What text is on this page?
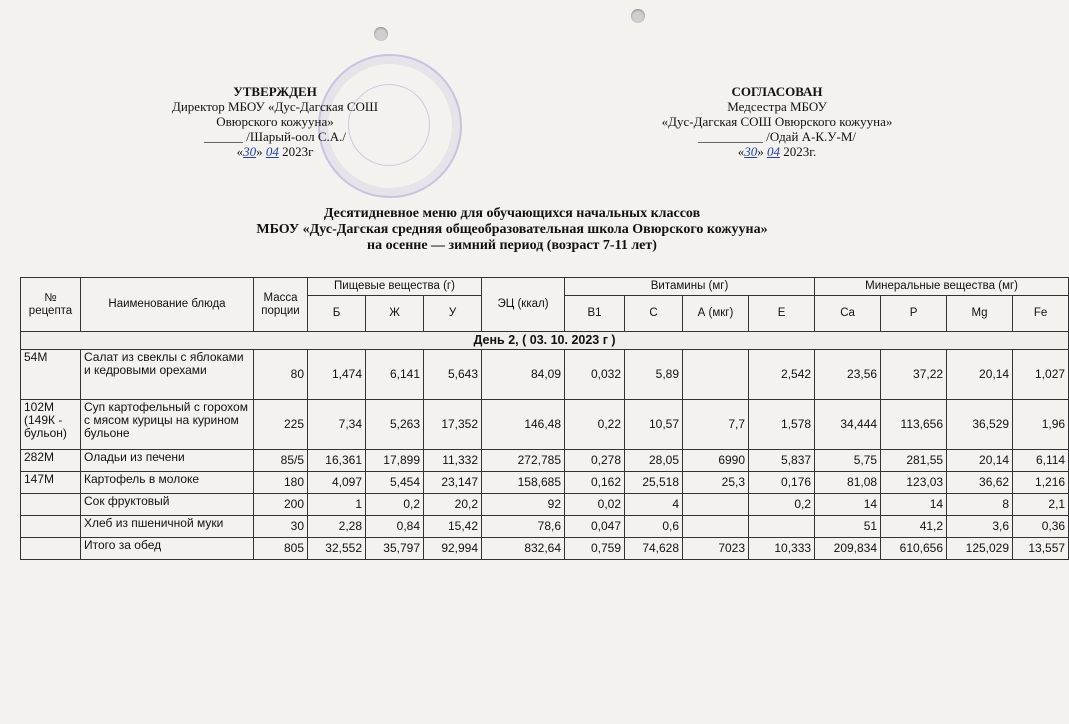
УТВЕРЖДЕН
Директор МБОУ «Дус-Дагская СОШ
Овюрского кожууна»
______ /Шарый-оол С.А./
«30» 04 2023г
СОГЛАСОВАН
Медсестра МБОУ
«Дус-Дагская СОШ Овюрского кожууна»
__________ /Одай А-К.У-М/
«30» 04 2023г.
Десятидневное меню для обучающихся начальных классов
МБОУ «Дус-Дагская средняя общеобразовательная школа Овюрского кожууна»
на осенне — зимний период (возраст 7-11 лет)
№ рецепта	Наименование блюда	Масса порции	Пищевые вещества (г)			ЭЦ (ккал)	Витамины (мг)				Минеральные вещества (мг)			
			Б	Ж	У		B1	C	А (мкг)	E	Ca	P	Mg	Fe
День 2, ( 03. 10. 2023 г )														
54М	Салат из свеклы с яблоками и кедровыми орехами	80	1,474	6,141	5,643	84,09	0,032	5,89		2,542	23,56	37,22	20,14	1,027
102М (149К - бульон)	Суп картофельный с горохом с мясом курицы на курином бульоне	225	7,34	5,263	17,352	146,48	0,22	10,57	7,7	1,578	34,444	113,656	36,529	1,96
282М	Оладьи из печени	85/5	16,361	17,899	11,332	272,785	0,278	28,05	6990	5,837	5,75	281,55	20,14	6,114
147М	Картофель в молоке	180	4,097	5,454	23,147	158,685	0,162	25,518	25,3	0,176	81,08	123,03	36,62	1,216
	Сок фруктовый	200	1	0,2	20,2	92	0,02	4		0,2	14	14	8	2,1
	Хлеб из пшеничной муки	30	2,28	0,84	15,42	78,6	0,047	0,6			51	41,2	3,6	0,36
	Итого за обед	805	32,552	35,797	92,994	832,64	0,759	74,628	7023	10,333	209,834	610,656	125,029	13,557
